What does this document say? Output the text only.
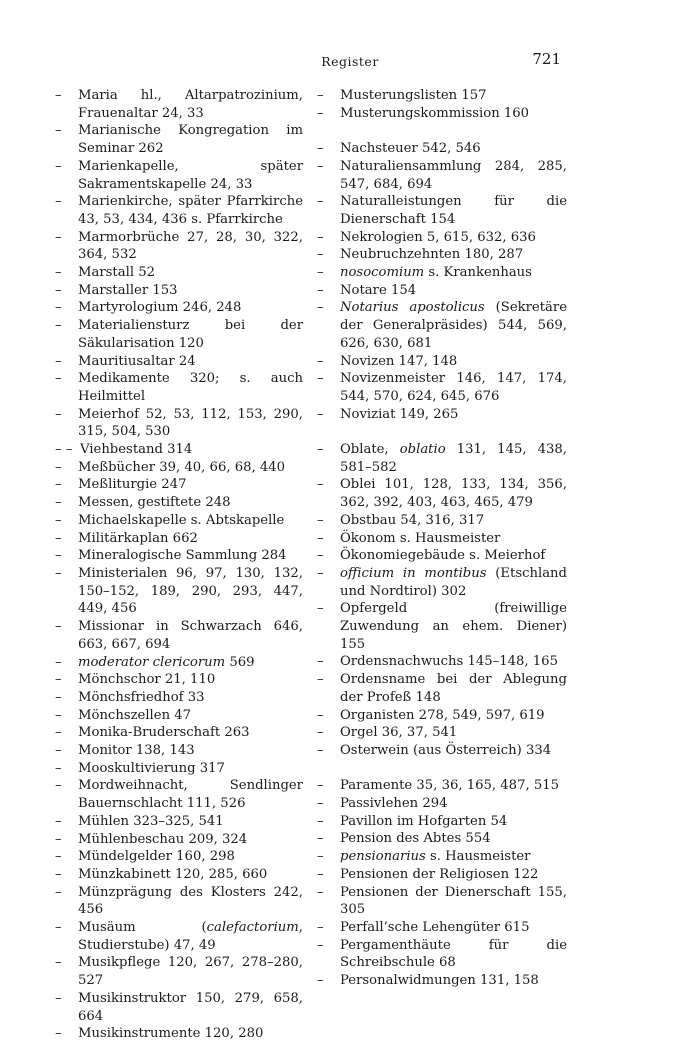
Register	721
– Maria hl., Altarpatrozinium, Frauenaltar 24, 33
– Marianische Kongregation im Seminar 262
– Marienkapelle, später Sakramentskapelle 24, 33
– Marienkirche, später Pfarrkirche 43, 53, 434, 436 s. Pfarrkirche
– Marmorbrüche 27, 28, 30, 322, 364, 532
– Marstall 52
– Marstaller 153
– Martyrologium 246, 248
– Materialiensturz bei der Säkularisation 120
– Mauritiusaltar 24
– Medikamente 320; s. auch Heilmittel
– Meierhof 52, 53, 112, 153, 290, 315, 504, 530
– – Viehbestand 314
– Meßbücher 39, 40, 66, 68, 440
– Meßliturgie 247
– Messen, gestiftete 248
– Michaelskapelle s. Abtskapelle
– Militärkaplan 662
– Mineralogische Sammlung 284
– Ministerialen 96, 97, 130, 132, 150–152, 189, 290, 293, 447, 449, 456
– Missionar in Schwarzach 646, 663, 667, 694
– moderator clericorum 569
– Mönchschor 21, 110
– Mönchsfriedhof 33
– Mönchszellen 47
– Monika-Bruderschaft 263
– Monitor 138, 143
– Mooskultivierung 317
– Mordweihnacht, Sendlinger Bauernschlacht 111, 526
– Mühlen 323–325, 541
– Mühlenbeschau 209, 324
– Mündelgelder 160, 298
– Münzkabinett 120, 285, 660
– Münzprägung des Klosters 242, 456
– Musäum (calefactorium, Studierstube) 47, 49
– Musikpflege 120, 267, 278–280, 527
– Musikinstruktor 150, 279, 658, 664
– Musikinstrumente 120, 280
– Musterungslisten 157
– Musterungskommission 160
– Nachsteuer 542, 546
– Naturaliensammlung 284, 285, 547, 684, 694
– Naturalleistungen für die Dienerschaft 154
– Nekrologien 5, 615, 632, 636
– Neubruchzehnten 180, 287
– nosocomium s. Krankenhaus
– Notare 154
– Notarius apostolicus (Sekretäre der Generalpräsides) 544, 569, 626, 630, 681
– Novizen 147, 148
– Novizenmeister 146, 147, 174, 544, 570, 624, 645, 676
– Noviziat 149, 265
– Oblate, oblatio 131, 145, 438, 581–582
– Oblei 101, 128, 133, 134, 356, 362, 392, 403, 463, 465, 479
– Obstbau 54, 316, 317
– Ökonom s. Hausmeister
– Ökonomiegebäude s. Meierhof
– officium in montibus (Etschland und Nordtirol) 302
– Opfergeld (freiwillige Zuwendung an ehem. Diener) 155
– Ordensnachwuchs 145–148, 165
– Ordensname bei der Ablegung der Profeß 148
– Organisten 278, 549, 597, 619
– Orgel 36, 37, 541
– Osterwein (aus Österreich) 334
– Paramente 35, 36, 165, 487, 515
– Passivlehen 294
– Pavillon im Hofgarten 54
– Pension des Abtes 554
– pensionarius s. Hausmeister
– Pensionen der Religiosen 122
– Pensionen der Dienerschaft 155, 305
– Perfall’sche Lehengüter 615
– Pergamenthäute für die Schreibschule 68
– Personalwidmungen 131, 158
